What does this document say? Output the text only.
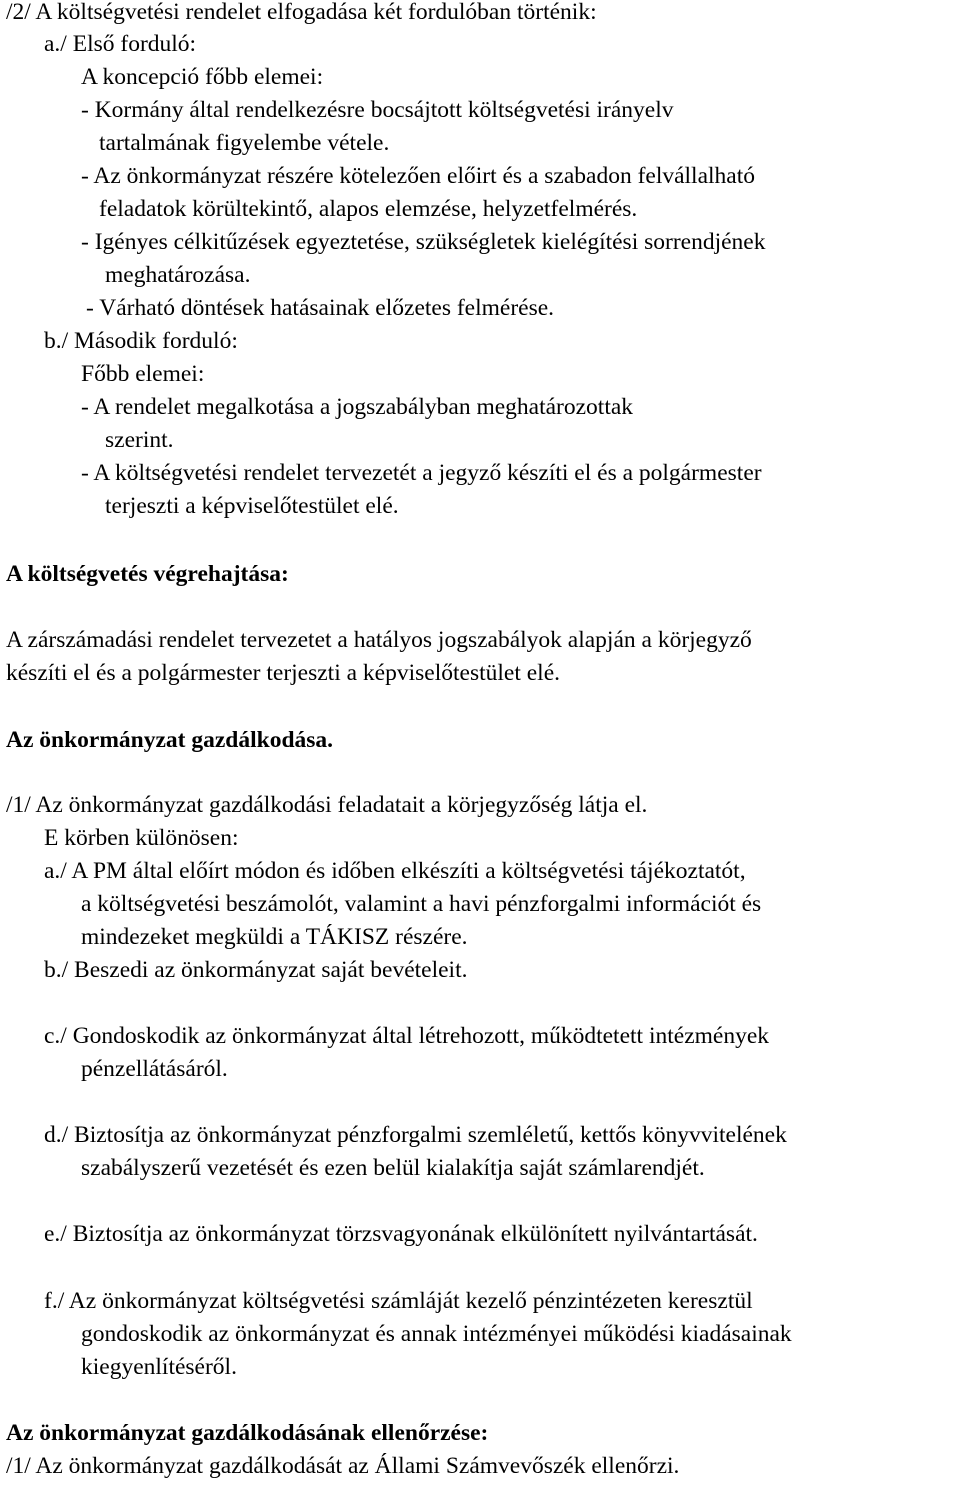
/2/ A költségvetési rendelet elfogadása két fordulóban történik:
a./ Első forduló:
A koncepció főbb elemei:
- Kormány által rendelkezésre bocsájtott költségvetési irányelv
tartalmának figyelembe vétele.
- Az önkormányzat részére kötelezően előirt és a szabadon felvállalható
feladatok körültekintő, alapos elemzése, helyzetfelmérés.
- Igényes célkitűzések egyeztetése, szükségletek kielégítési sorrendjének
meghatározása.
- Várható döntések hatásainak előzetes felmérése.
b./ Második forduló:
Főbb elemei:
- A rendelet megalkotása a jogszabályban meghatározottak
szerint.
- A költségvetési rendelet tervezetét a jegyző készíti el és a polgármester
terjeszti a képviselőtestület elé.
A költségvetés végrehajtása:
A zárszámadási rendelet tervezetet a hatályos jogszabályok alapján a körjegyző
készíti el és a polgármester terjeszti a képviselőtestület elé.
Az önkormányzat gazdálkodása.
/1/ Az önkormányzat gazdálkodási feladatait a körjegyzőség látja el.
E körben különösen:
a./ A PM által előírt módon és időben elkészíti a költségvetési tájékoztatót,
a költségvetési beszámolót, valamint a havi pénzforgalmi információt és
mindezeket megküldi a TÁKISZ részére.
b./ Beszedi az önkormányzat saját bevételeit.
c./ Gondoskodik az önkormányzat által létrehozott, működtetett intézmények
pénzellátásáról.
d./ Biztosítja az önkormányzat pénzforgalmi szemléletű, kettős könyvvitelének
szabályszerű vezetését és ezen belül kialakítja saját számlarendjét.
e./ Biztosítja az önkormányzat törzsvagyonának elkülönített nyilvántartását.
f./ Az önkormányzat költségvetési számláját kezelő pénzintézeten keresztül
gondoskodik az önkormányzat és annak intézményei működési kiadásainak
kiegyenlítéséről.
Az önkormányzat gazdálkodásának ellenőrzése:
/1/ Az önkormányzat gazdálkodását az Állami Számvevőszék ellenőrzi.
